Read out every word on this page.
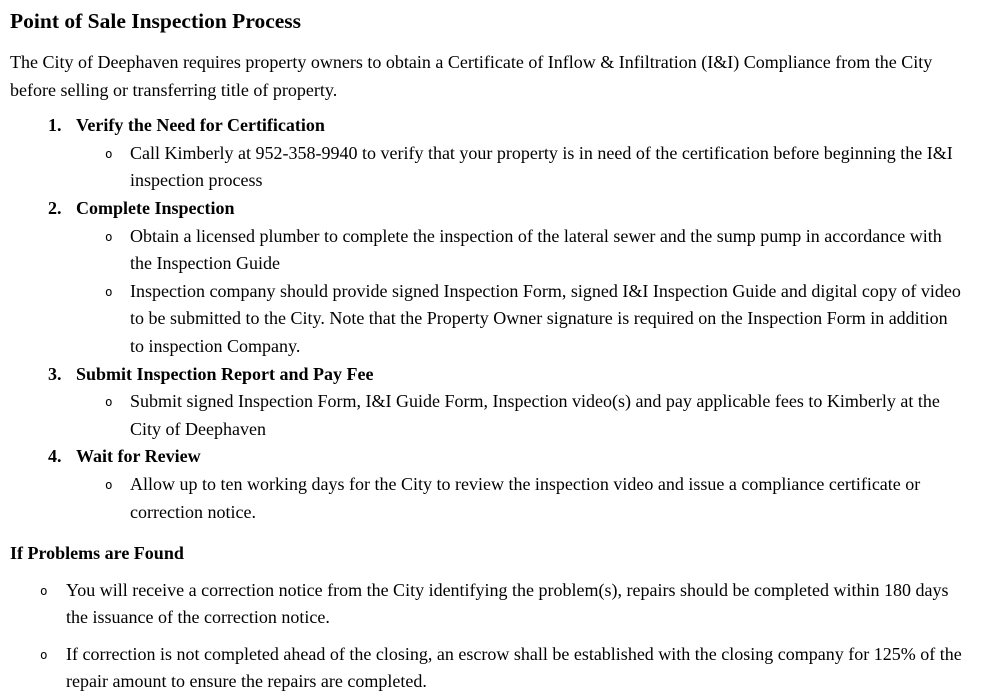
Point of Sale Inspection Process

The City of Deephaven requires property owners to obtain a Certificate of Inflow & Infiltration (I&I) Compliance from the City before selling or transferring title of property.

1. Verify the Need for Certification
o Call Kimberly at 952-358-9940 to verify that your property is in need of the certification before beginning the I&I inspection process
2. Complete Inspection
o Obtain a licensed plumber to complete the inspection of the lateral sewer and the sump pump in accordance with the Inspection Guide
o Inspection company should provide signed Inspection Form, signed I&I Inspection Guide and digital copy of video to be submitted to the City. Note that the Property Owner signature is required on the Inspection Form in addition to inspection Company.
3. Submit Inspection Report and Pay Fee
o Submit signed Inspection Form, I&I Guide Form, Inspection video(s) and pay applicable fees to Kimberly at the City of Deephaven
4. Wait for Review
o Allow up to ten working days for the City to review the inspection video and issue a compliance certificate or correction notice.
If Problems are Found
o	You will receive a correction notice from the City identifying the problem(s), repairs should be completed within 180 days the issuance of the correction notice.
o	If correction is not completed ahead of the closing, an escrow shall be established with the closing company for 125% of the repair amount to ensure the repairs are completed.
